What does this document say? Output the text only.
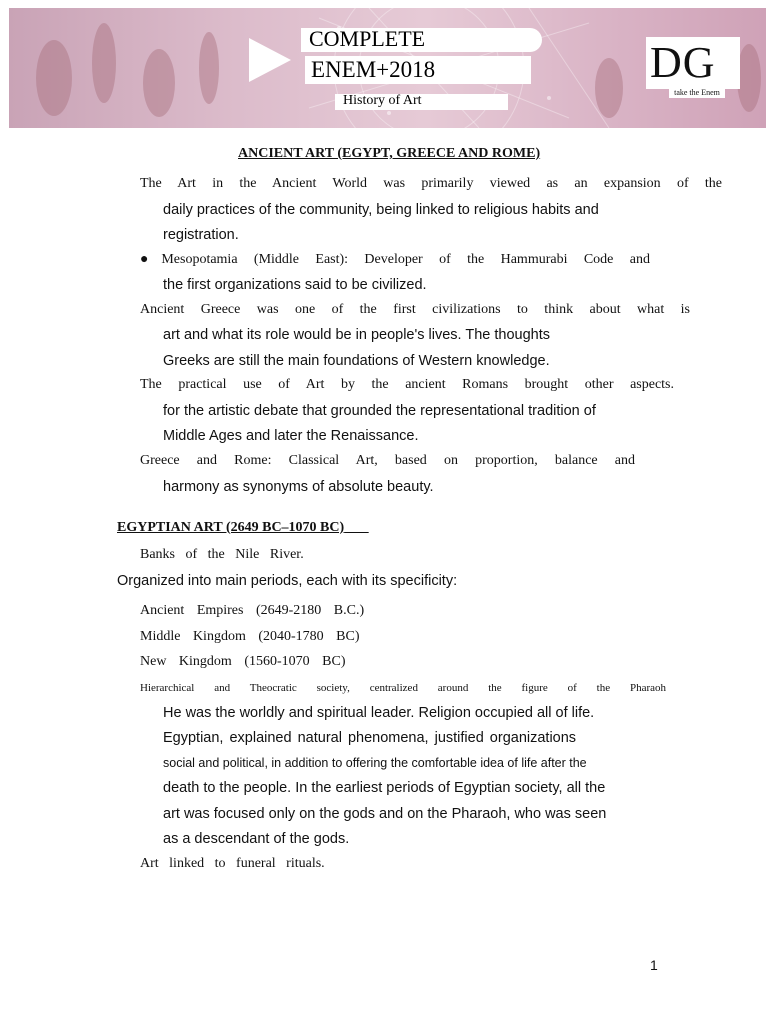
COMPLETE
ENEM+2018
History of Art
DG
take the Enem
ANCIENT ART (EGYPT, GREECE AND ROME)
The Art in the Ancient World was primarily viewed as an expansion of the
daily practices of the community, being linked to religious habits and
registration.
●Mesopotamia (Middle East): Developer of the Hammurabi Code and
the first organizations said to be civilized.
Ancient Greece was one of the first civilizations to think about what is
art and what its role would be in people's lives. The thoughts
Greeks are still the main foundations of Western knowledge.
The practical use of Art by the ancient Romans brought other aspects.
for the artistic debate that grounded the representational tradition of
Middle Ages and later the Renaissance.
Greece and Rome: Classical Art, based on proportion, balance and
harmony as synonyms of absolute beauty.
EGYPTIAN ART (2649 BC–1070 BC)
Banks of the Nile River.
Organized into main periods, each with its specificity:
Ancient Empires (2649-2180 B.C.)
Middle Kingdom (2040-1780 BC)
New Kingdom (1560-1070 BC)
Hierarchical and Theocratic society, centralized around the figure of the Pharaoh
He was the worldly and spiritual leader. Religion occupied all of life.
Egyptian, explained natural phenomena, justified organizations
social and political, in addition to offering the comfortable idea of life after the
death to the people. In the earliest periods of Egyptian society, all the
art was focused only on the gods and on the Pharaoh, who was seen
as a descendant of the gods.
Art linked to funeral rituals.
1
